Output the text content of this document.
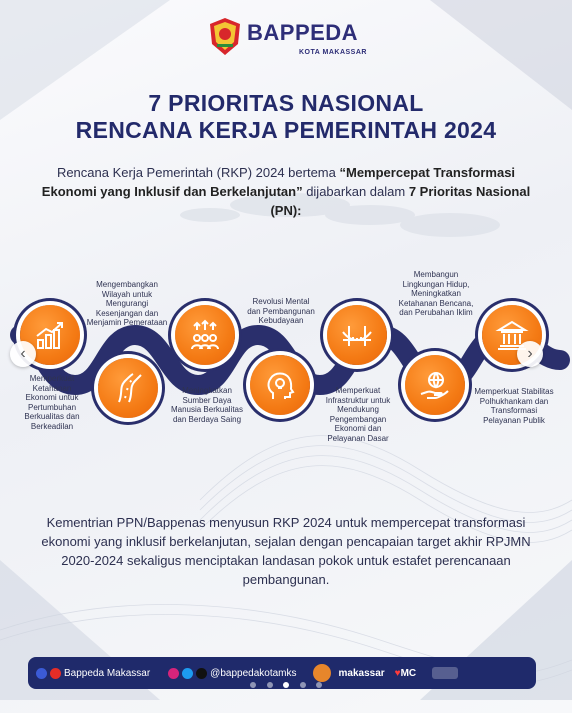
BAPPEDA
KOTA MAKASSAR
7 PRIORITAS NASIONAL
RENCANA KERJA PEMERINTAH 2024
Rencana Kerja Pemerintah (RKP) 2024 bertema “Mempercepat Transformasi Ekonomi yang Inklusif dan Berkelanjutan” dijabarkan dalam 7 Prioritas Nasional (PN):
Memperkuat Ketahanan Ekonomi untuk Pertumbuhan Berkualitas dan Berkeadilan
Mengembangkan Wilayah untuk Mengurangi Kesenjangan dan Menjamin Pemerataan
Meningkatkan Sumber Daya Manusia Berkualitas dan Berdaya Saing
Revolusi Mental dan Pembangunan Kebudayaan
Memperkuat Infrastruktur untuk Mendukung Pengembangan Ekonomi dan Pelayanan Dasar
Membangun Lingkungan Hidup, Meningkatkan Ketahanan Bencana, dan Perubahan Iklim
Memperkuat Stabilitas Polhukhankam dan Transformasi Pelayanan Publik
‹	›
Kementrian PPN/Bappenas menyusun RKP 2024 untuk mempercepat transformasi ekonomi yang inklusif berkelanjutan, sejalan dengan pencapaian target akhir RPJMN 2020-2024 sekaligus menciptakan landasan pokok untuk estafet perencanaan pembangunan.
Bappeda Makassar	@bappedakotamks	makassar ♥MC
